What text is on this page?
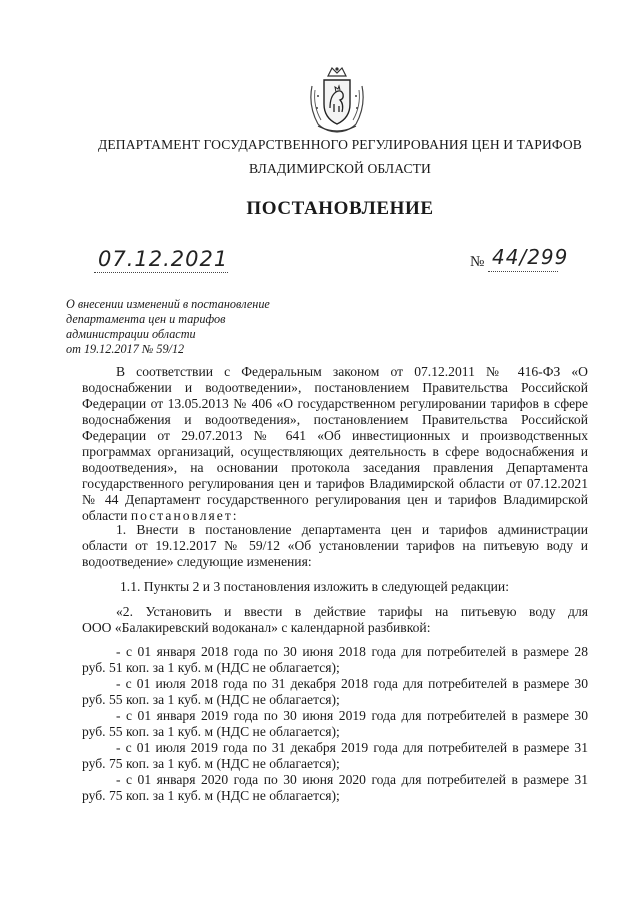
ДЕПАРТАМЕНТ ГОСУДАРСТВЕННОГО РЕГУЛИРОВАНИЯ ЦЕН И ТАРИФОВ
ВЛАДИМИРСКОЙ ОБЛАСТИ
ПОСТАНОВЛЕНИЕ
07.12.2021	№ 44/299
О внесении изменений в постановление
департамента цен и тарифов
администрации области
от 19.12.2017 № 59/12
В соответствии с Федеральным законом от 07.12.2011 № 416-ФЗ «О
водоснабжении и водоотведении», постановлением Правительства Российской
Федерации от 13.05.2013 № 406 «О государственном регулировании тарифов в сфере
водоснабжения и водоотведения», постановлением Правительства Российской
Федерации от 29.07.2013 № 641 «Об инвестиционных и производственных
программах организаций, осуществляющих деятельность в сфере водоснабжения и
водоотведения», на основании протокола заседания правления Департамента
государственного регулирования цен и тарифов Владимирской области от 07.12.2021
№ 44 Департамент государственного регулирования цен и тарифов Владимирской
области постановляет:
1. Внести в постановление департамента цен и тарифов администрации
области от 19.12.2017 № 59/12 «Об установлении тарифов на питьевую воду и
водоотведение» следующие изменения:
1.1. Пункты 2 и 3 постановления изложить в следующей редакции:
«2. Установить и ввести в действие тарифы на питьевую воду для
ООО «Балакиревский водоканал» с календарной разбивкой:
- с 01 января 2018 года по 30 июня 2018 года для потребителей в размере 28
руб. 51 коп. за 1 куб. м (НДС не облагается);
- с 01 июля 2018 года по 31 декабря 2018 года для потребителей в размере 30
руб. 55 коп. за 1 куб. м (НДС не облагается);
- с 01 января 2019 года по 30 июня 2019 года для потребителей в размере 30
руб. 55 коп. за 1 куб. м (НДС не облагается);
- с 01 июля 2019 года по 31 декабря 2019 года для потребителей в размере 31
руб. 75 коп. за 1 куб. м (НДС не облагается);
- с 01 января 2020 года по 30 июня 2020 года для потребителей в размере 31
руб. 75 коп. за 1 куб. м (НДС не облагается);
